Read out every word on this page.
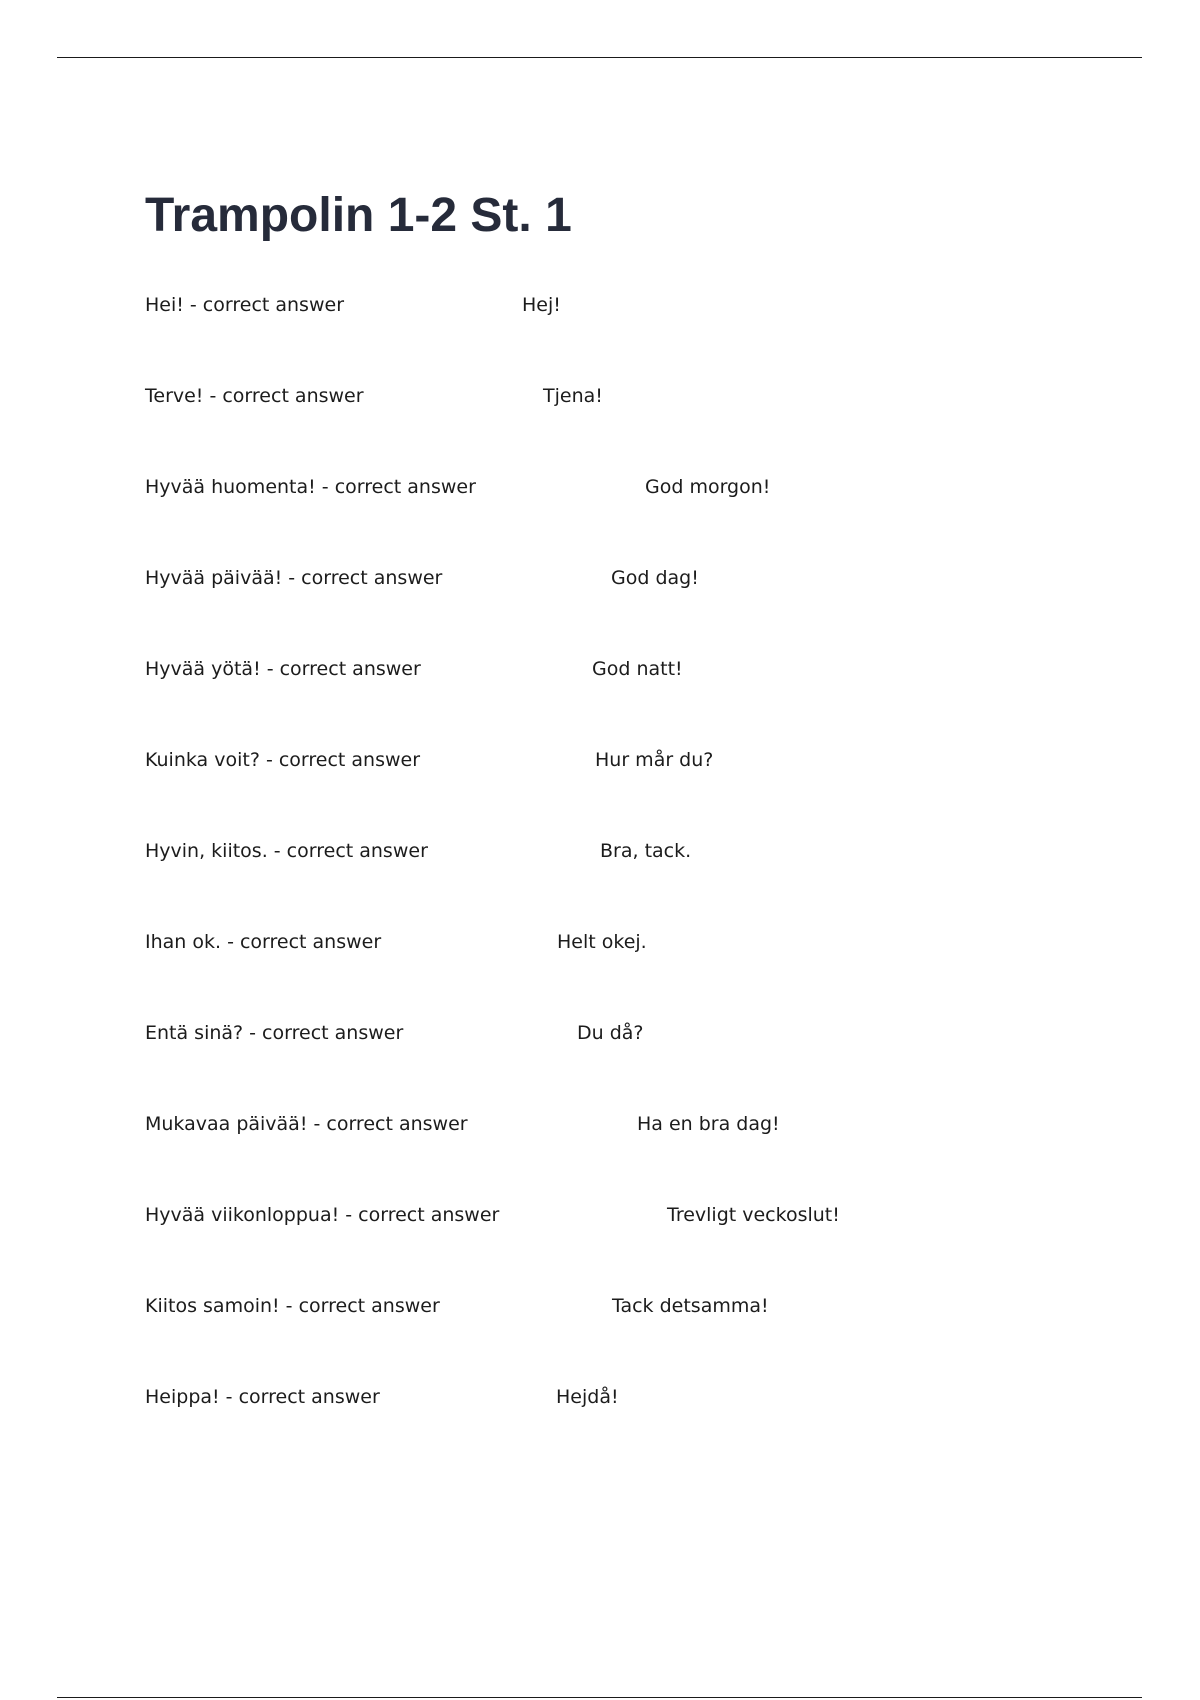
Trampolin 1-2 St. 1
Hei! - correct answer	Hej!
Terve! - correct answer	Tjena!
Hyvää huomenta! - correct answer	God morgon!
Hyvää päivää! - correct answer	God dag!
Hyvää yötä! - correct answer	God natt!
Kuinka voit? - correct answer	Hur mår du?
Hyvin, kiitos. - correct answer	Bra, tack.
Ihan ok. - correct answer	Helt okej.
Entä sinä? - correct answer	Du då?
Mukavaa päivää! - correct answer	Ha en bra dag!
Hyvää viikonloppua! - correct answer	Trevligt veckoslut!
Kiitos samoin! - correct answer	Tack detsamma!
Heippa! - correct answer	Hejdå!
